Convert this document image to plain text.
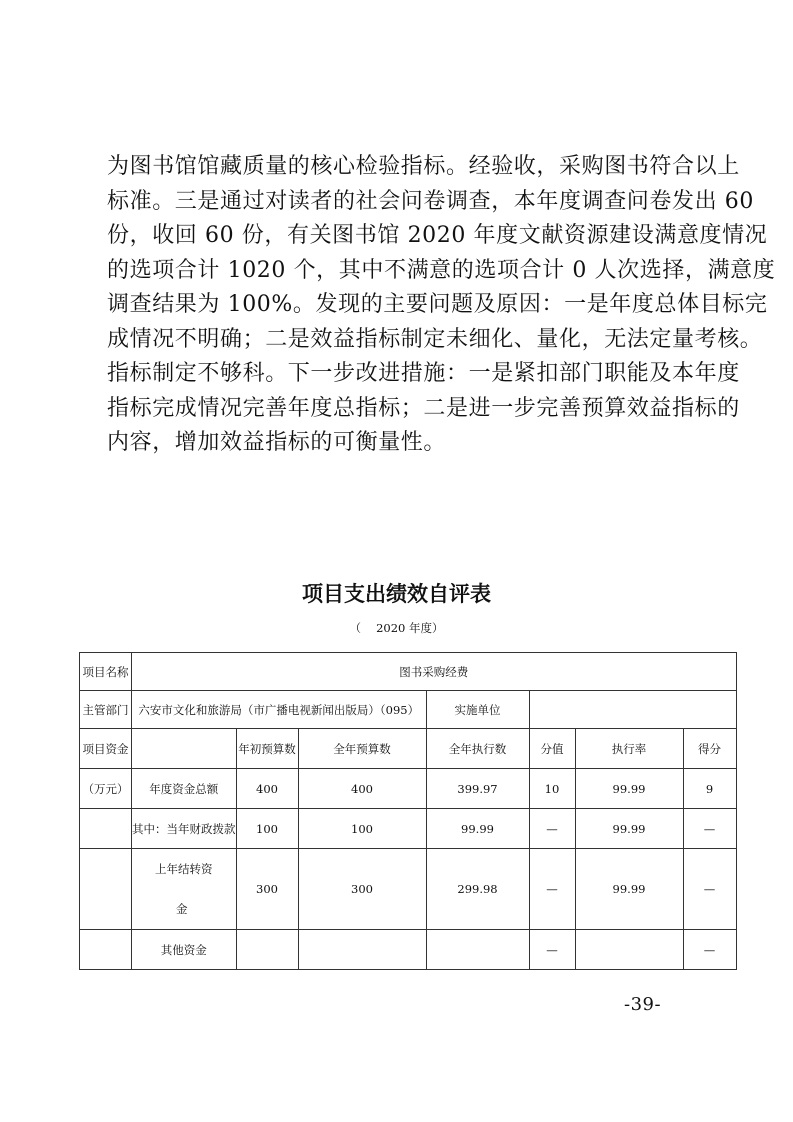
为图书馆馆藏质量的核心检验指标。经验收，采购图书符合以上
标准。三是通过对读者的社会问卷调查，本年度调查问卷发出 60
份，收回 60 份，有关图书馆 2020 年度文献资源建设满意度情况
的选项合计 1020 个，其中不满意的选项合计 0 人次选择，满意度
调查结果为 100%。发现的主要问题及原因：一是年度总体目标完
成情况不明确；二是效益指标制定未细化、量化，无法定量考核。
指标制定不够科。下一步改进措施：一是紧扣部门职能及本年度
指标完成情况完善年度总指标；二是进一步完善预算效益指标的
内容，增加效益指标的可衡量性。
项目支出绩效自评表
（　 2020 年度）
项目名称	图书采购经费						
主管部门	六安市文化和旅游局（市广播电视新闻出版局）（095）			实施单位			
项目资金		年初预算数	全年预算数	全年执行数	分值	执行率	得分
（万元）	年度资金总额	400	400	399.97	10	99.99	9
	其中：当年财政拨款	100	100	99.99	—	99.99	—

	上年结转资
金	300	300	299.98	—	99.99	—
	其他资金				—		—
-39-
